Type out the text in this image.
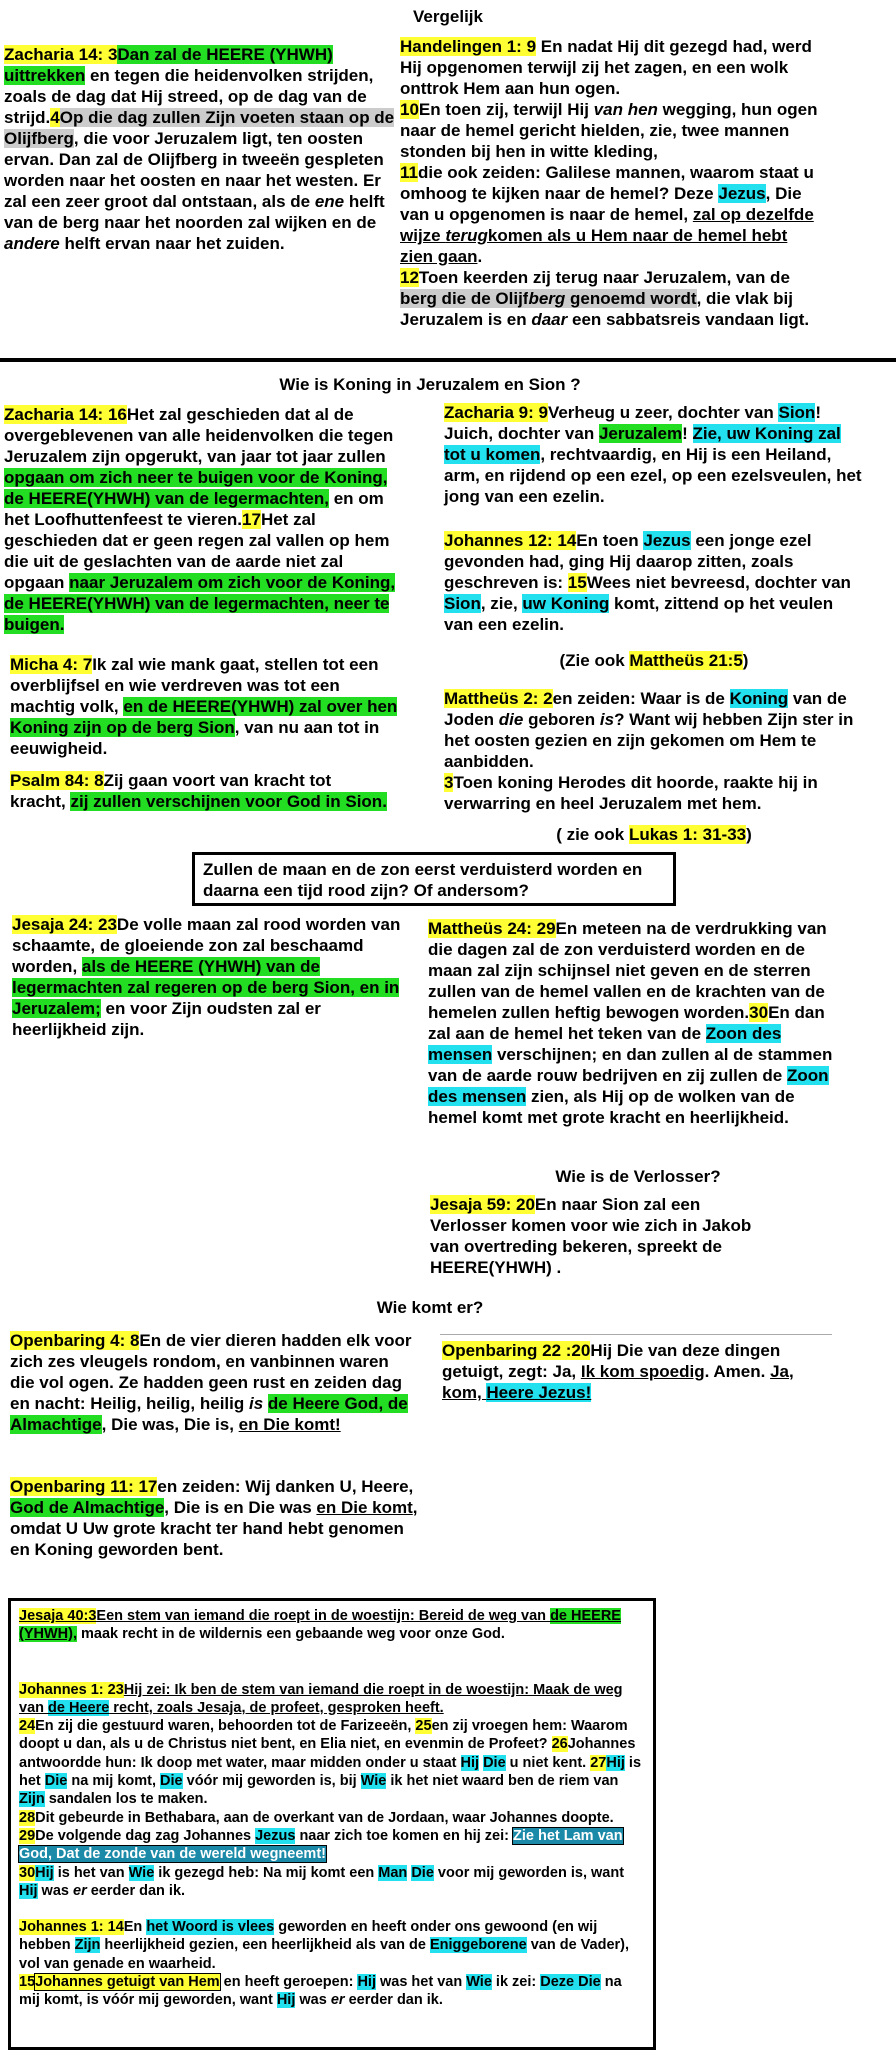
Vergelijk
Zacharia 14: 3Dan zal de HEERE (YHWH) uittrekken en tegen die heidenvolken strijden, zoals de dag dat Hij streed, op de dag van de strijd.4Op die dag zullen Zijn voeten staan op de Olijfberg, die voor Jeruzalem ligt, ten oosten ervan. Dan zal de Olijfberg in tweeën gespleten worden naar het oosten en naar het westen. Er zal een zeer groot dal ontstaan, als de ene helft van de berg naar het noorden zal wijken en de andere helft ervan naar het zuiden.
Handelingen 1: 9 En nadat Hij dit gezegd had, werd Hij opgenomen terwijl zij het zagen, en een wolk onttrok Hem aan hun ogen.
10En toen zij, terwijl Hij van hen wegging, hun ogen naar de hemel gericht hielden, zie, twee mannen stonden bij hen in witte kleding,
11die ook zeiden: Galilese mannen, waarom staat u omhoog te kijken naar de hemel? Deze Jezus, Die van u opgenomen is naar de hemel, zal op dezelfde wijze terugkomen als u Hem naar de hemel hebt zien gaan.
12Toen keerden zij terug naar Jeruzalem, van de berg die de Olijfberg genoemd wordt, die vlak bij Jeruzalem is en daar een sabbatsreis vandaan ligt.
Wie is Koning in Jeruzalem en Sion ?
Zacharia 14: 16Het zal geschieden dat al de overgeblevenen van alle heidenvolken die tegen Jeruzalem zijn opgerukt, van jaar tot jaar zullen opgaan om zich neer te buigen voor de Koning, de HEERE(YHWH) van de legermachten, en om het Loofhuttenfeest te vieren.17Het zal geschieden dat er geen regen zal vallen op hem die uit de geslachten van de aarde niet zal opgaan naar Jeruzalem om zich voor de Koning, de HEERE(YHWH) van de legermachten, neer te buigen.
Micha 4: 7Ik zal wie mank gaat, stellen tot een overblijfsel en wie verdreven was tot een machtig volk, en de HEERE(YHWH) zal over hen Koning zijn op de berg Sion, van nu aan tot in eeuwigheid.
Psalm 84: 8Zij gaan voort van kracht tot kracht, zij zullen verschijnen voor God in Sion.
Zacharia 9: 9Verheug u zeer, dochter van Sion! Juich, dochter van Jeruzalem! Zie, uw Koning zal tot u komen, rechtvaardig, en Hij is een Heiland, arm, en rijdend op een ezel, op een ezelsveulen, het jong van een ezelin.
Johannes 12: 14En toen Jezus een jonge ezel gevonden had, ging Hij daarop zitten, zoals geschreven is: 15Wees niet bevreesd, dochter van Sion, zie, uw Koning komt, zittend op het veulen van een ezelin.
(Zie ook Mattheüs 21:5)
Mattheüs 2: 2en zeiden: Waar is de Koning van de Joden die geboren is? Want wij hebben Zijn ster in het oosten gezien en zijn gekomen om Hem te aanbidden.
3Toen koning Herodes dit hoorde, raakte hij in verwarring en heel Jeruzalem met hem.
( zie ook Lukas 1: 31-33)
Zullen de maan en de zon eerst verduisterd worden en daarna een tijd rood zijn? Of andersom?
Jesaja 24: 23De volle maan zal rood worden van schaamte, de gloeiende zon zal beschaamd worden, als de HEERE (YHWH) van de legermachten zal regeren op de berg Sion, en in Jeruzalem; en voor Zijn oudsten zal er heerlijkheid zijn.
Mattheüs 24: 29En meteen na de verdrukking van die dagen zal de zon verduisterd worden en de maan zal zijn schijnsel niet geven en de sterren zullen van de hemel vallen en de krachten van de hemelen zullen heftig bewogen worden.30En dan zal aan de hemel het teken van de Zoon des mensen verschijnen; en dan zullen al de stammen van de aarde rouw bedrijven en zij zullen de Zoon des mensen zien, als Hij op de wolken van de hemel komt met grote kracht en heerlijkheid.
Wie is de Verlosser?
Jesaja 59: 20En naar Sion zal een Verlosser komen voor wie zich in Jakob van overtreding bekeren, spreekt de HEERE(YHWH) .
Wie komt er?
Openbaring 4: 8En de vier dieren hadden elk voor zich zes vleugels rondom, en vanbinnen waren die vol ogen. Ze hadden geen rust en zeiden dag en nacht: Heilig, heilig, heilig is de Heere God, de Almachtige, Die was, Die is, en Die komt!
Openbaring 11: 17en zeiden: Wij danken U, Heere, God de Almachtige, Die is en Die was en Die komt, omdat U Uw grote kracht ter hand hebt genomen en Koning geworden bent.
Openbaring 22 :20Hij Die van deze dingen getuigt, zegt: Ja, Ik kom spoedig. Amen. Ja, kom, Heere Jezus!
Jesaja 40:3Een stem van iemand die roept in de woestijn: Bereid de weg van de HEERE (YHWH), maak recht in de wildernis een gebaande weg voor onze God.
Johannes 1: 23Hij zei: Ik ben de stem van iemand die roept in de woestijn: Maak de weg van de Heere recht, zoals Jesaja, de profeet, gesproken heeft.
24En zij die gestuurd waren, behoorden tot de Farizeeën, 25en zij vroegen hem: Waarom doopt u dan, als u de Christus niet bent, en Elia niet, en evenmin de Profeet? 26Johannes antwoordde hun: Ik doop met water, maar midden onder u staat Hij Die u niet kent. 27Hij is het Die na mij komt, Die vóór mij geworden is, bij Wie ik het niet waard ben de riem van Zijn sandalen los te maken.
28Dit gebeurde in Bethabara, aan de overkant van de Jordaan, waar Johannes doopte. 29De volgende dag zag Johannes Jezus naar zich toe komen en hij zei: Zie het Lam van God, Dat de zonde van de wereld wegneemt!
30Hij is het van Wie ik gezegd heb: Na mij komt een Man Die voor mij geworden is, want Hij was er eerder dan ik.
Johannes 1: 14En het Woord is vlees geworden en heeft onder ons gewoond (en wij hebben Zijn heerlijkheid gezien, een heerlijkheid als van de Eniggeborene van de Vader), vol van genade en waarheid.
15Johannes getuigt van Hem en heeft geroepen: Hij was het van Wie ik zei: Deze Die na mij komt, is vóór mij geworden, want Hij was er eerder dan ik.
